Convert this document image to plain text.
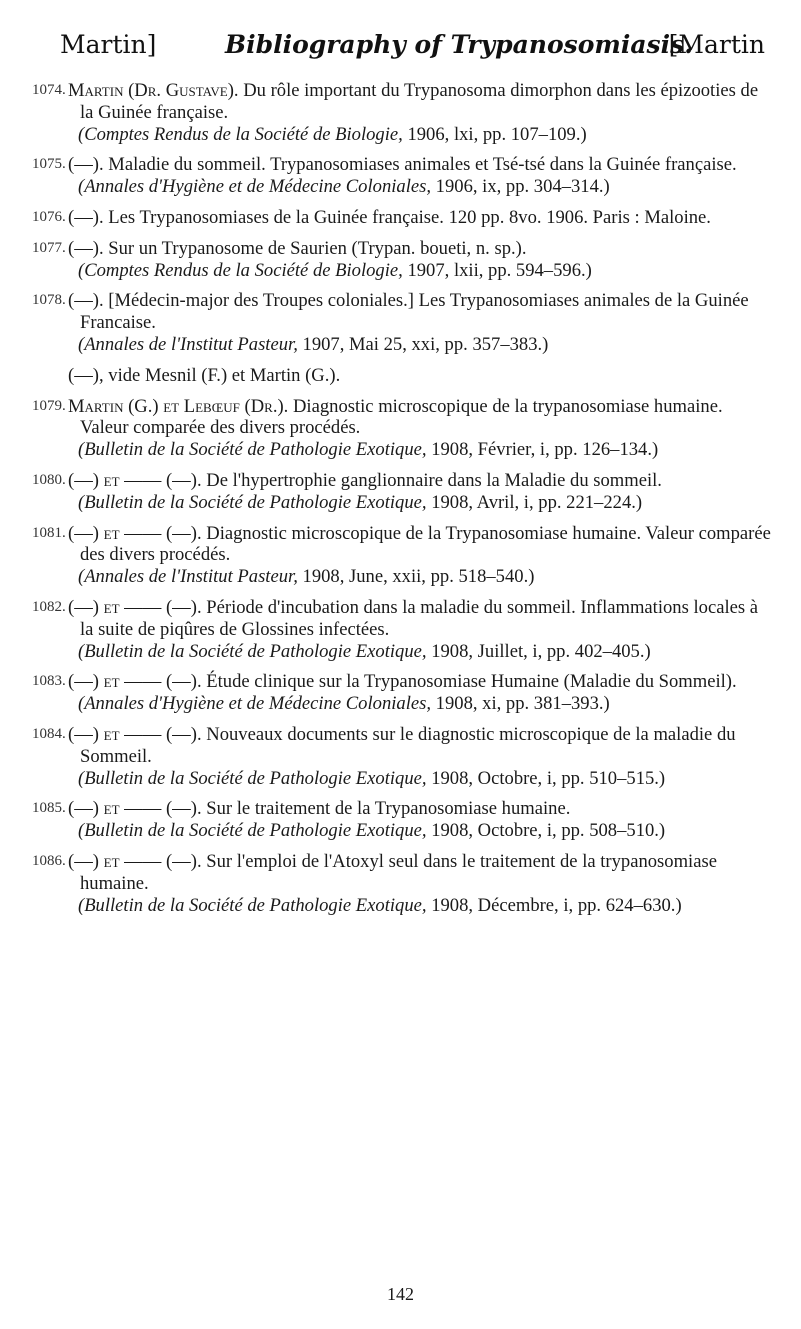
Martin]	Bibliography of Trypanosomiasis.
[Martin
1074. Martin (Dr. Gustave). Du rôle important du Trypanosoma dimorphon dans les épizooties de la Guinée française.
(Comptes Rendus de la Société de Biologie, 1906, lxi, pp. 107–109.)
1075. (—). Maladie du sommeil. Trypanosomiases animales et Tsé-tsé dans la Guinée française.
(Annales d'Hygiène et de Médecine Coloniales, 1906, ix, pp. 304–314.)
1076. (—). Les Trypanosomiases de la Guinée française. 120 pp. 8vo. 1906. Paris : Maloine.
1077. (—). Sur un Trypanosome de Saurien (Trypan. boueti, n. sp.).
(Comptes Rendus de la Société de Biologie, 1907, lxii, pp. 594–596.)
1078. (—). [Médecin-major des Troupes coloniales.] Les Trypanosomiases animales de la Guinée Francaise.
(Annales de l'Institut Pasteur, 1907, Mai 25, xxi, pp. 357–383.)
(—), vide Mesnil (F.) et Martin (G.).
1079. Martin (G.) et Lebœuf (Dr.). Diagnostic microscopique de la trypanosomiase humaine. Valeur comparée des divers procédés.
(Bulletin de la Société de Pathologie Exotique, 1908, Février, i, pp. 126–134.)
1080. (—) et —— (—). De l'hypertrophie ganglionnaire dans la Maladie du sommeil.
(Bulletin de la Société de Pathologie Exotique, 1908, Avril, i, pp. 221–224.)
1081. (—) et —— (—). Diagnostic microscopique de la Trypanosomiase humaine. Valeur comparée des divers procédés.
(Annales de l'Institut Pasteur, 1908, June, xxii, pp. 518–540.)
1082. (—) et —— (—). Période d'incubation dans la maladie du sommeil. Inflammations locales à la suite de piqûres de Glossines infectées.
(Bulletin de la Société de Pathologie Exotique, 1908, Juillet, i, pp. 402–405.)
1083. (—) et —— (—). Étude clinique sur la Trypanosomiase Humaine (Maladie du Sommeil).
(Annales d'Hygiène et de Médecine Coloniales, 1908, xi, pp. 381–393.)
1084. (—) et —— (—). Nouveaux documents sur le diagnostic microscopique de la maladie du Sommeil.
(Bulletin de la Société de Pathologie Exotique, 1908, Octobre, i, pp. 510–515.)
1085. (—) et —— (—). Sur le traitement de la Trypanosomiase humaine.
(Bulletin de la Société de Pathologie Exotique, 1908, Octobre, i, pp. 508–510.)
1086. (—) et —— (—). Sur l'emploi de l'Atoxyl seul dans le traitement de la trypanosomiase humaine.
(Bulletin de la Société de Pathologie Exotique, 1908, Décembre, i, pp. 624–630.)
142
